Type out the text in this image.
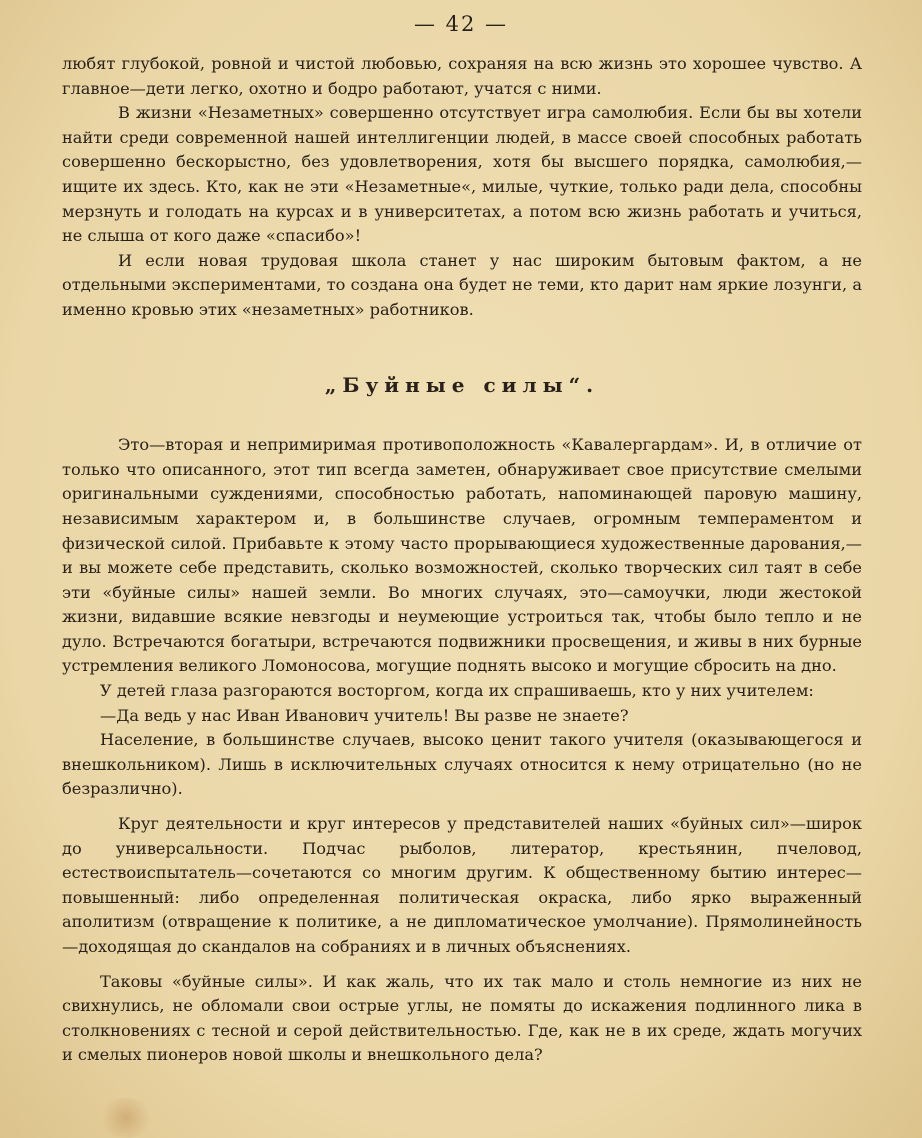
— 42 —

любят глубокой, ровной и чистой любовью, сохраняя на всю жизнь это хорошее чувство. А главное—дети легко, охотно и бодро работают, учатся с ними.

В жизни «Незаметных» совершенно отсутствует игра самолюбия. Если бы вы хотели найти среди современной нашей интеллигенции людей, в массе своей способных работать совершенно бескорыстно, без удовлетворения, хотя бы высшего порядка, самолюбия,—ищите их здесь. Кто, как не эти «Незаметные«, милые, чуткие, только ради дела, способны мерзнуть и голодать на курсах и в университетах, а потом всю жизнь работать и учиться, не слыша от кого даже «спасибо»!

И если новая трудовая школа станет у нас широким бытовым фактом, а не отдельными экспериментами, то создана она будет не теми, кто дарит нам яркие лозунги, а именно кровью этих «незаметных» работников.

„Буйные силы“.

Это—вторая и непримиримая противоположность «Кавалергардам». И, в отличие от только что описанного, этот тип всегда заметен, обнаруживает свое присутствие смелыми оригинальными суждениями, способностью работать, напоминающей паровую машину, независимым характером и, в большинстве случаев, огромным темпераментом и физической силой. Прибавьте к этому часто прорывающиеся художественные дарования,—и вы можете себе представить, сколько возможностей, сколько творческих сил таят в себе эти «буйные силы» нашей земли. Во многих случаях, это—самоучки, люди жестокой жизни, видавшие всякие невзгоды и неумеющие устроиться так, чтобы было тепло и не дуло. Встречаются богатыри, встречаются подвижники просвещения, и живы в них бурные устремления великого Ломоносова, могущие поднять высоко и могущие сбросить на дно.

У детей глаза разгораются восторгом, когда их спрашиваешь, кто у них учителем:

—Да ведь у нас Иван Иванович учитель! Вы разве не знаете?

Население, в большинстве случаев, высоко ценит такого учителя (оказывающегося и внешкольником). Лишь в исключительных случаях относится к нему отрицательно (но не безразлично).

Круг деятельности и круг интересов у представителей наших «буйных сил»—широк до универсальности. Подчас рыболов, литератор, крестьянин, пчеловод, естествоиспытатель—сочетаются со многим другим. К общественному бытию интерес—повышенный: либо определенная политическая окраска, либо ярко выраженный аполитизм (отвращение к политике, а не дипломатическое умолчание). Прямолинейность—доходящая до скандалов на собраниях и в личных объяснениях.

Таковы «буйные силы». И как жаль, что их так мало и столь немногие из них не свихнулись, не обломали свои острые углы, не помяты до искажения подлинного лика в столкновениях с тесной и серой действительностью. Где, как не в их среде, ждать могучих и смелых пионеров новой школы и внешкольного дела?
